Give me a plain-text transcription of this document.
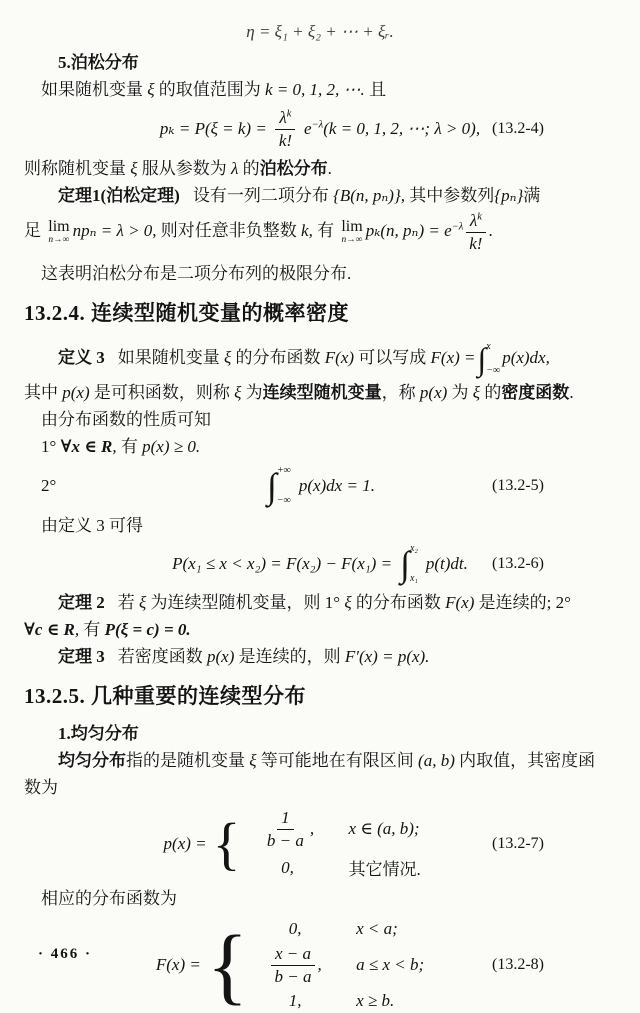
η = ξ₁ + ξ₂ + ⋯ + ξᵣ.
5.泊松分布
如果随机变量 ξ 的取值范围为 k = 0, 1, 2, ⋯. 且
$p_k = P(\xi = k) = \frac{\lambda^k}{k!} e^{-\lambda}(k = 0$, 1, 2, ⋯; λ > 0), (13.2-4)
则称随机变量 ξ 服从参数为 λ 的泊松分布.
定理1(泊松定理) 设有一列二项分布 {B(n, pₙ)}, 其中参数列{pₙ}满
足 lim
n→∞ npₙ = λ > 0, 则对任意非负整数 k, 有 lim
n→∞ pₖ(n, $p_n) = e^{-\lambda} \frac{\lambda^k}{k!}$ .
这表明泊松分布是二项分布列的极限分布.
13.2.4. 连续型随机变量的概率密度
定义 3 如果随机变量 ξ 的分布函数 F(x) 可以写成 F(x) = ∫ x
−∞
p(x)dx,
其中 p(x) 是可积函数，则称 ξ 为连续型随机变量，称 p(x) 为 ξ 的密度函数.
由分布函数的性质可知
1° ∀x ∈ R, 有 p(x) ≥ 0.
2°	∫ +∞
−∞
p(x)dx = 1.	(13.2-5)
由定义 3 可得
P(x₁ ≤ x < x₂) = F(x₂) − F(x₁) = ∫ x₂
x₁
p(t)dt. (13.2-6)
定理 2 若 ξ 为连续型随机变量，则 1° ξ 的分布函数 F(x) 是连续的; 2°
∀c ∈ R, 有 P(ξ = c) = 0.
定理 3 若密度函数 p(x) 是连续的，则 F′(x) = p(x).
13.2.5. 几种重要的连续型分布
1.均匀分布
均匀分布指的是随机变量 ξ 等可能地在有限区间 (a, b) 内取值，其密度函
数为
p(x) = { $\frac{1}{b - a}$ , x ∈ (a, b);
0,	其它情况.
(13.2-7)
相应的分布函数为
F(x) = {	0,	x < a;
$\frac{x - a}{b - a}$ , a ≤ x < b;
1,	x ≥ b.
(13.2-8)
· 466 ·
